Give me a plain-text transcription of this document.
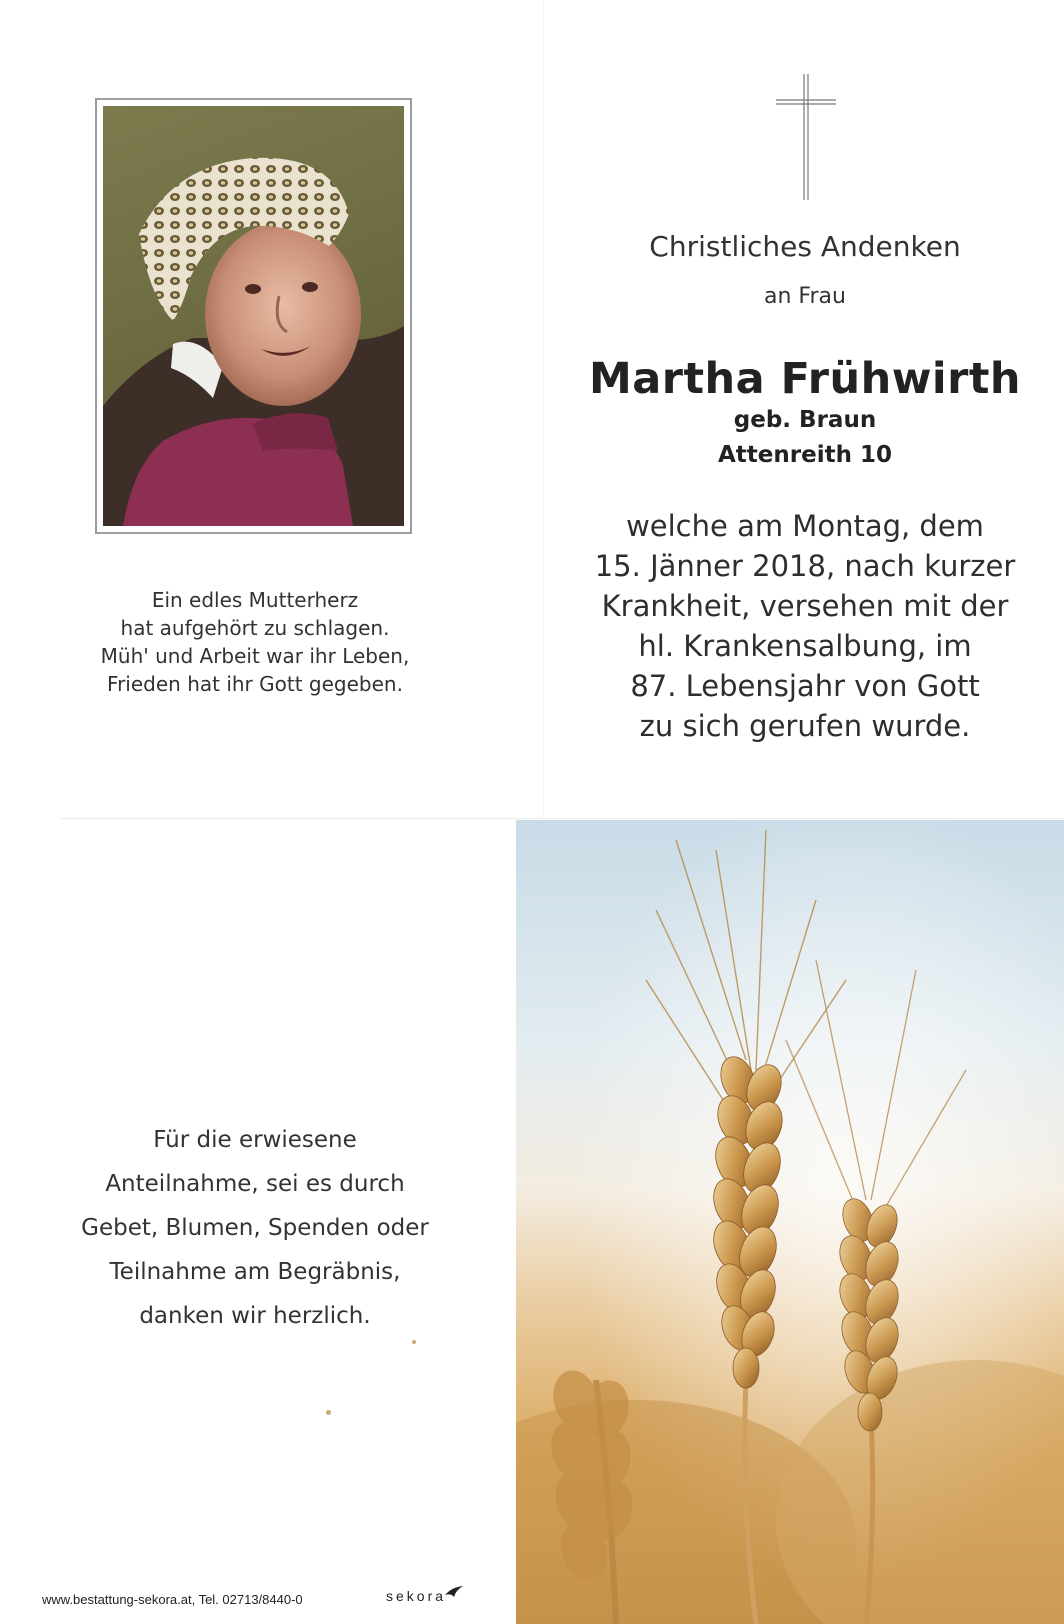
Ein edles Mutterherz
hat aufgehört zu schlagen.
Müh' und Arbeit war ihr Leben,
Frieden hat ihr Gott gegeben.
Christliches Andenken
an Frau
Martha Frühwirth
geb. Braun
Attenreith 10
welche am Montag, dem
15. Jänner 2018, nach kurzer
Krankheit, versehen mit der
hl. Krankensalbung, im
87. Lebensjahr von Gott
zu sich gerufen wurde.
Für die erwiesene
Anteilnahme, sei es durch
Gebet, Blumen, Spenden oder
Teilnahme am Begräbnis,
danken wir herzlich.
www.bestattung-sekora.at, Tel. 02713/8440-0	sekora
